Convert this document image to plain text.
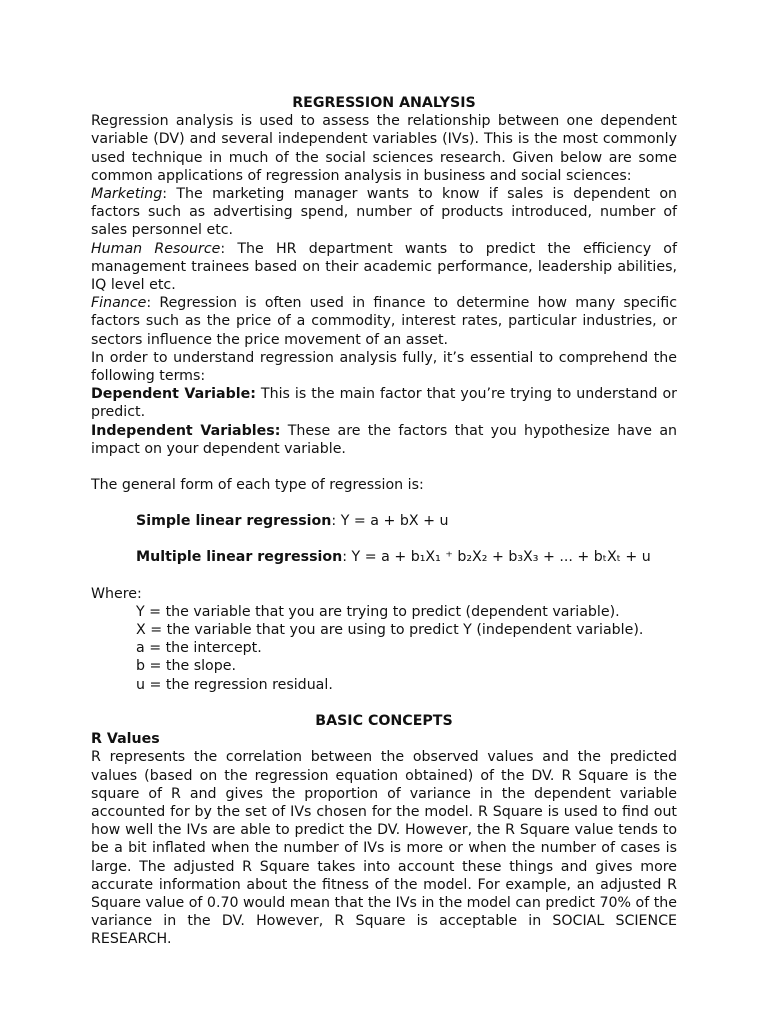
REGRESSION ANALYSIS

Regression analysis is used to assess the relationship between one dependent variable (DV) and several independent variables (IVs). This is the most commonly used technique in much of the social sciences research. Given below are some common applications of regression analysis in business and social sciences:

Marketing: The marketing manager wants to know if sales is dependent on factors such as advertising spend, number of products introduced, number of sales personnel etc.

Human Resource: The HR department wants to predict the efficiency of management trainees based on their academic performance, leadership abilities, IQ level etc.

Finance: Regression is often used in finance to determine how many specific factors such as the price of a commodity, interest rates, particular industries, or sectors influence the price movement of an asset.

In order to understand regression analysis fully, it’s essential to comprehend the following terms:

Dependent Variable: This is the main factor that you’re trying to understand or predict.

Independent Variables: These are the factors that you hypothesize have an impact on your dependent variable.

The general form of each type of regression is:

Simple linear regression: Y = a + bX + u

Multiple linear regression: Y = a + b₁X₁ ⁺ b₂X₂ + b₃X₃ + ... + bₜXₜ + u

Where:

Y = the variable that you are trying to predict (dependent variable).

X = the variable that you are using to predict Y (independent variable).

a = the intercept.

b = the slope.

u = the regression residual.

BASIC CONCEPTS

R Values

R represents the correlation between the observed values and the predicted values (based on the regression equation obtained) of the DV. R Square is the square of R and gives the proportion of variance in the dependent variable accounted for by the set of IVs chosen for the model. R Square is used to find out how well the IVs are able to predict the DV. However, the R Square value tends to be a bit inflated when the number of IVs is more or when the number of cases is large. The adjusted R Square takes into account these things and gives more accurate information about the fitness of the model. For example, an adjusted R Square value of 0.70 would mean that the IVs in the model can predict 70% of the variance in the DV. However, R Square is acceptable in SOCIAL SCIENCE RESEARCH.
